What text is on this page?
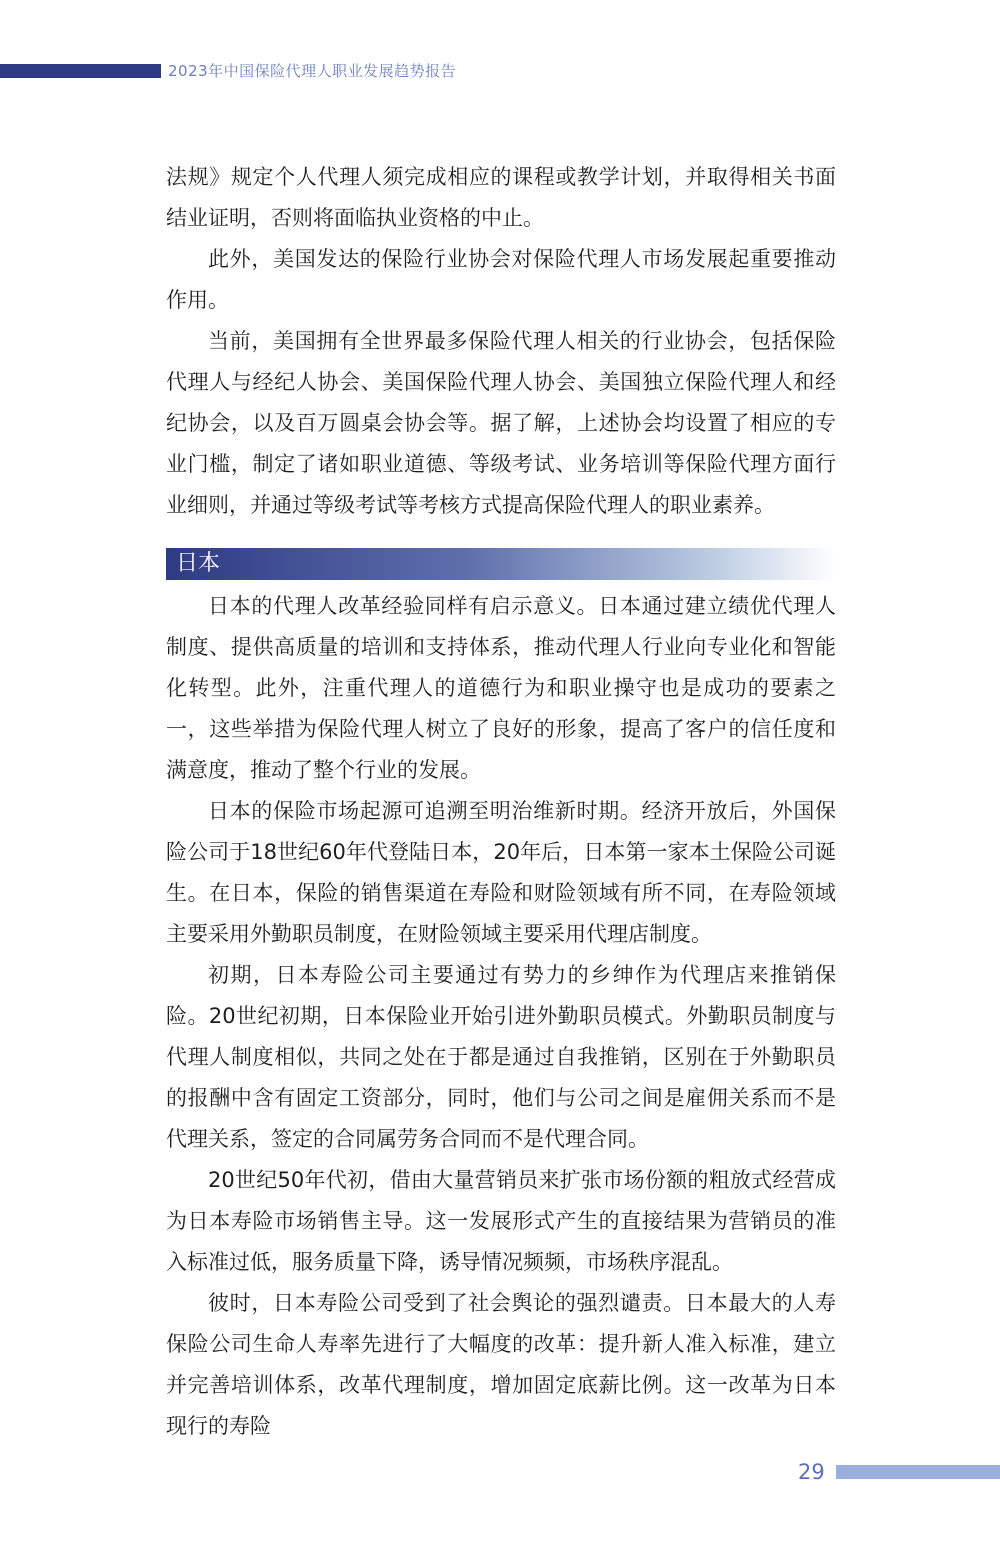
2023年中国保险代理人职业发展趋势报告

法规》规定个人代理人须完成相应的课程或教学计划，并取得相关书面结业证明，否则将面临执业资格的中止。

此外，美国发达的保险行业协会对保险代理人市场发展起重要推动作用。

当前，美国拥有全世界最多保险代理人相关的行业协会，包括保险代理人与经纪人协会、美国保险代理人协会、美国独立保险代理人和经纪协会，以及百万圆桌会协会等。据了解，上述协会均设置了相应的专业门槛，制定了诸如职业道德、等级考试、业务培训等保险代理方面行业细则，并通过等级考试等考核方式提高保险代理人的职业素养。

日本

日本的代理人改革经验同样有启示意义。日本通过建立绩优代理人制度、提供高质量的培训和支持体系，推动代理人行业向专业化和智能化转型。此外，注重代理人的道德行为和职业操守也是成功的要素之一，这些举措为保险代理人树立了良好的形象，提高了客户的信任度和满意度，推动了整个行业的发展。

日本的保险市场起源可追溯至明治维新时期。经济开放后，外国保险公司于18世纪60年代登陆日本，20年后，日本第一家本土保险公司诞生。在日本，保险的销售渠道在寿险和财险领域有所不同，在寿险领域主要采用外勤职员制度，在财险领域主要采用代理店制度。

初期，日本寿险公司主要通过有势力的乡绅作为代理店来推销保险。20世纪初期，日本保险业开始引进外勤职员模式。外勤职员制度与代理人制度相似，共同之处在于都是通过自我推销，区别在于外勤职员的报酬中含有固定工资部分，同时，他们与公司之间是雇佣关系而不是代理关系，签定的合同属劳务合同而不是代理合同。

20世纪50年代初，借由大量营销员来扩张市场份额的粗放式经营成为日本寿险市场销售主导。这一发展形式产生的直接结果为营销员的准入标准过低，服务质量下降，诱导情况频频，市场秩序混乱。

彼时，日本寿险公司受到了社会舆论的强烈谴责。日本最大的人寿保险公司生命人寿率先进行了大幅度的改革：提升新人准入标准，建立并完善培训体系，改革代理制度，增加固定底薪比例。这一改革为日本现行的寿险

29
